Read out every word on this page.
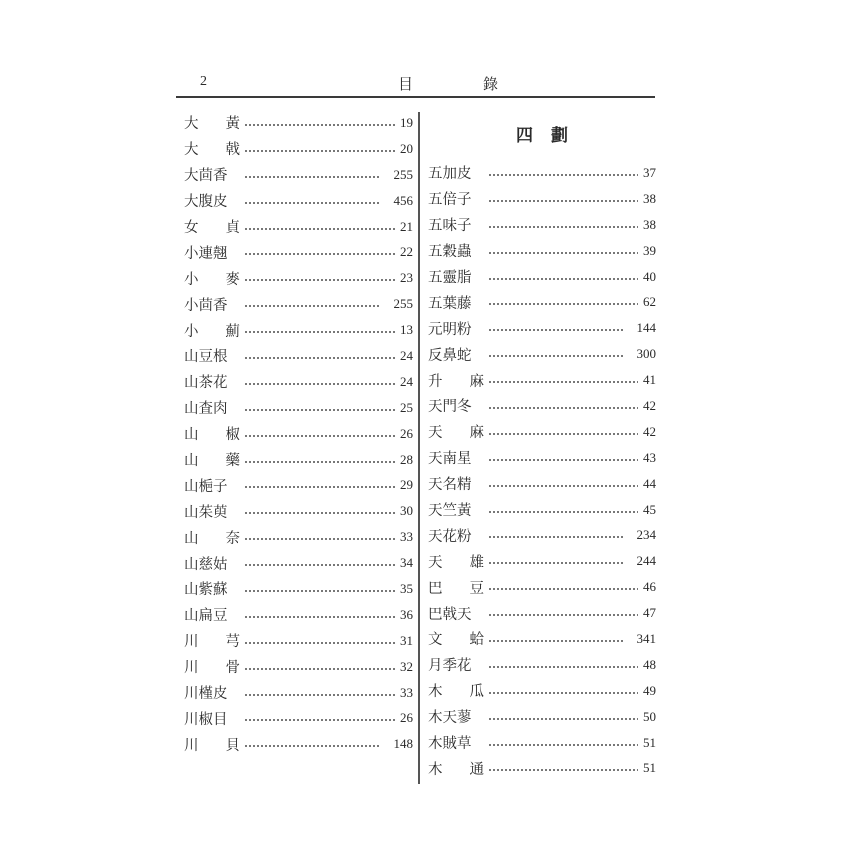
2	目錄
大 黃	19
大 戟	20
大茴香	255
大腹皮	456
女 貞	21
小連翹	22
小 麥	23
小茴香	255
小 薊	13
山豆根	24
山茶花	24
山査肉	25
山 椒	26
山 藥	28
山梔子	29
山茱萸	30
山 奈	33
山慈姑	34
山紫蘇	35
山扁豆	36
川 芎	31
川 骨	32
川槿皮	33
川椒目	26
川 貝	148
四劃
五加皮	37
五倍子	38
五味子	38
五穀蟲	39
五靈脂	40
五葉藤	62
元明粉	144
反鼻蛇	300
升 麻	41
天門冬	42
天 麻	42
天南星	43
天名精	44
天竺黃	45
天花粉	234
天 雄	244
巴 豆	46
巴戟天	47
文 蛤	341
月季花	48
木 瓜	49
木天蓼	50
木賊草	51
木 通	51
